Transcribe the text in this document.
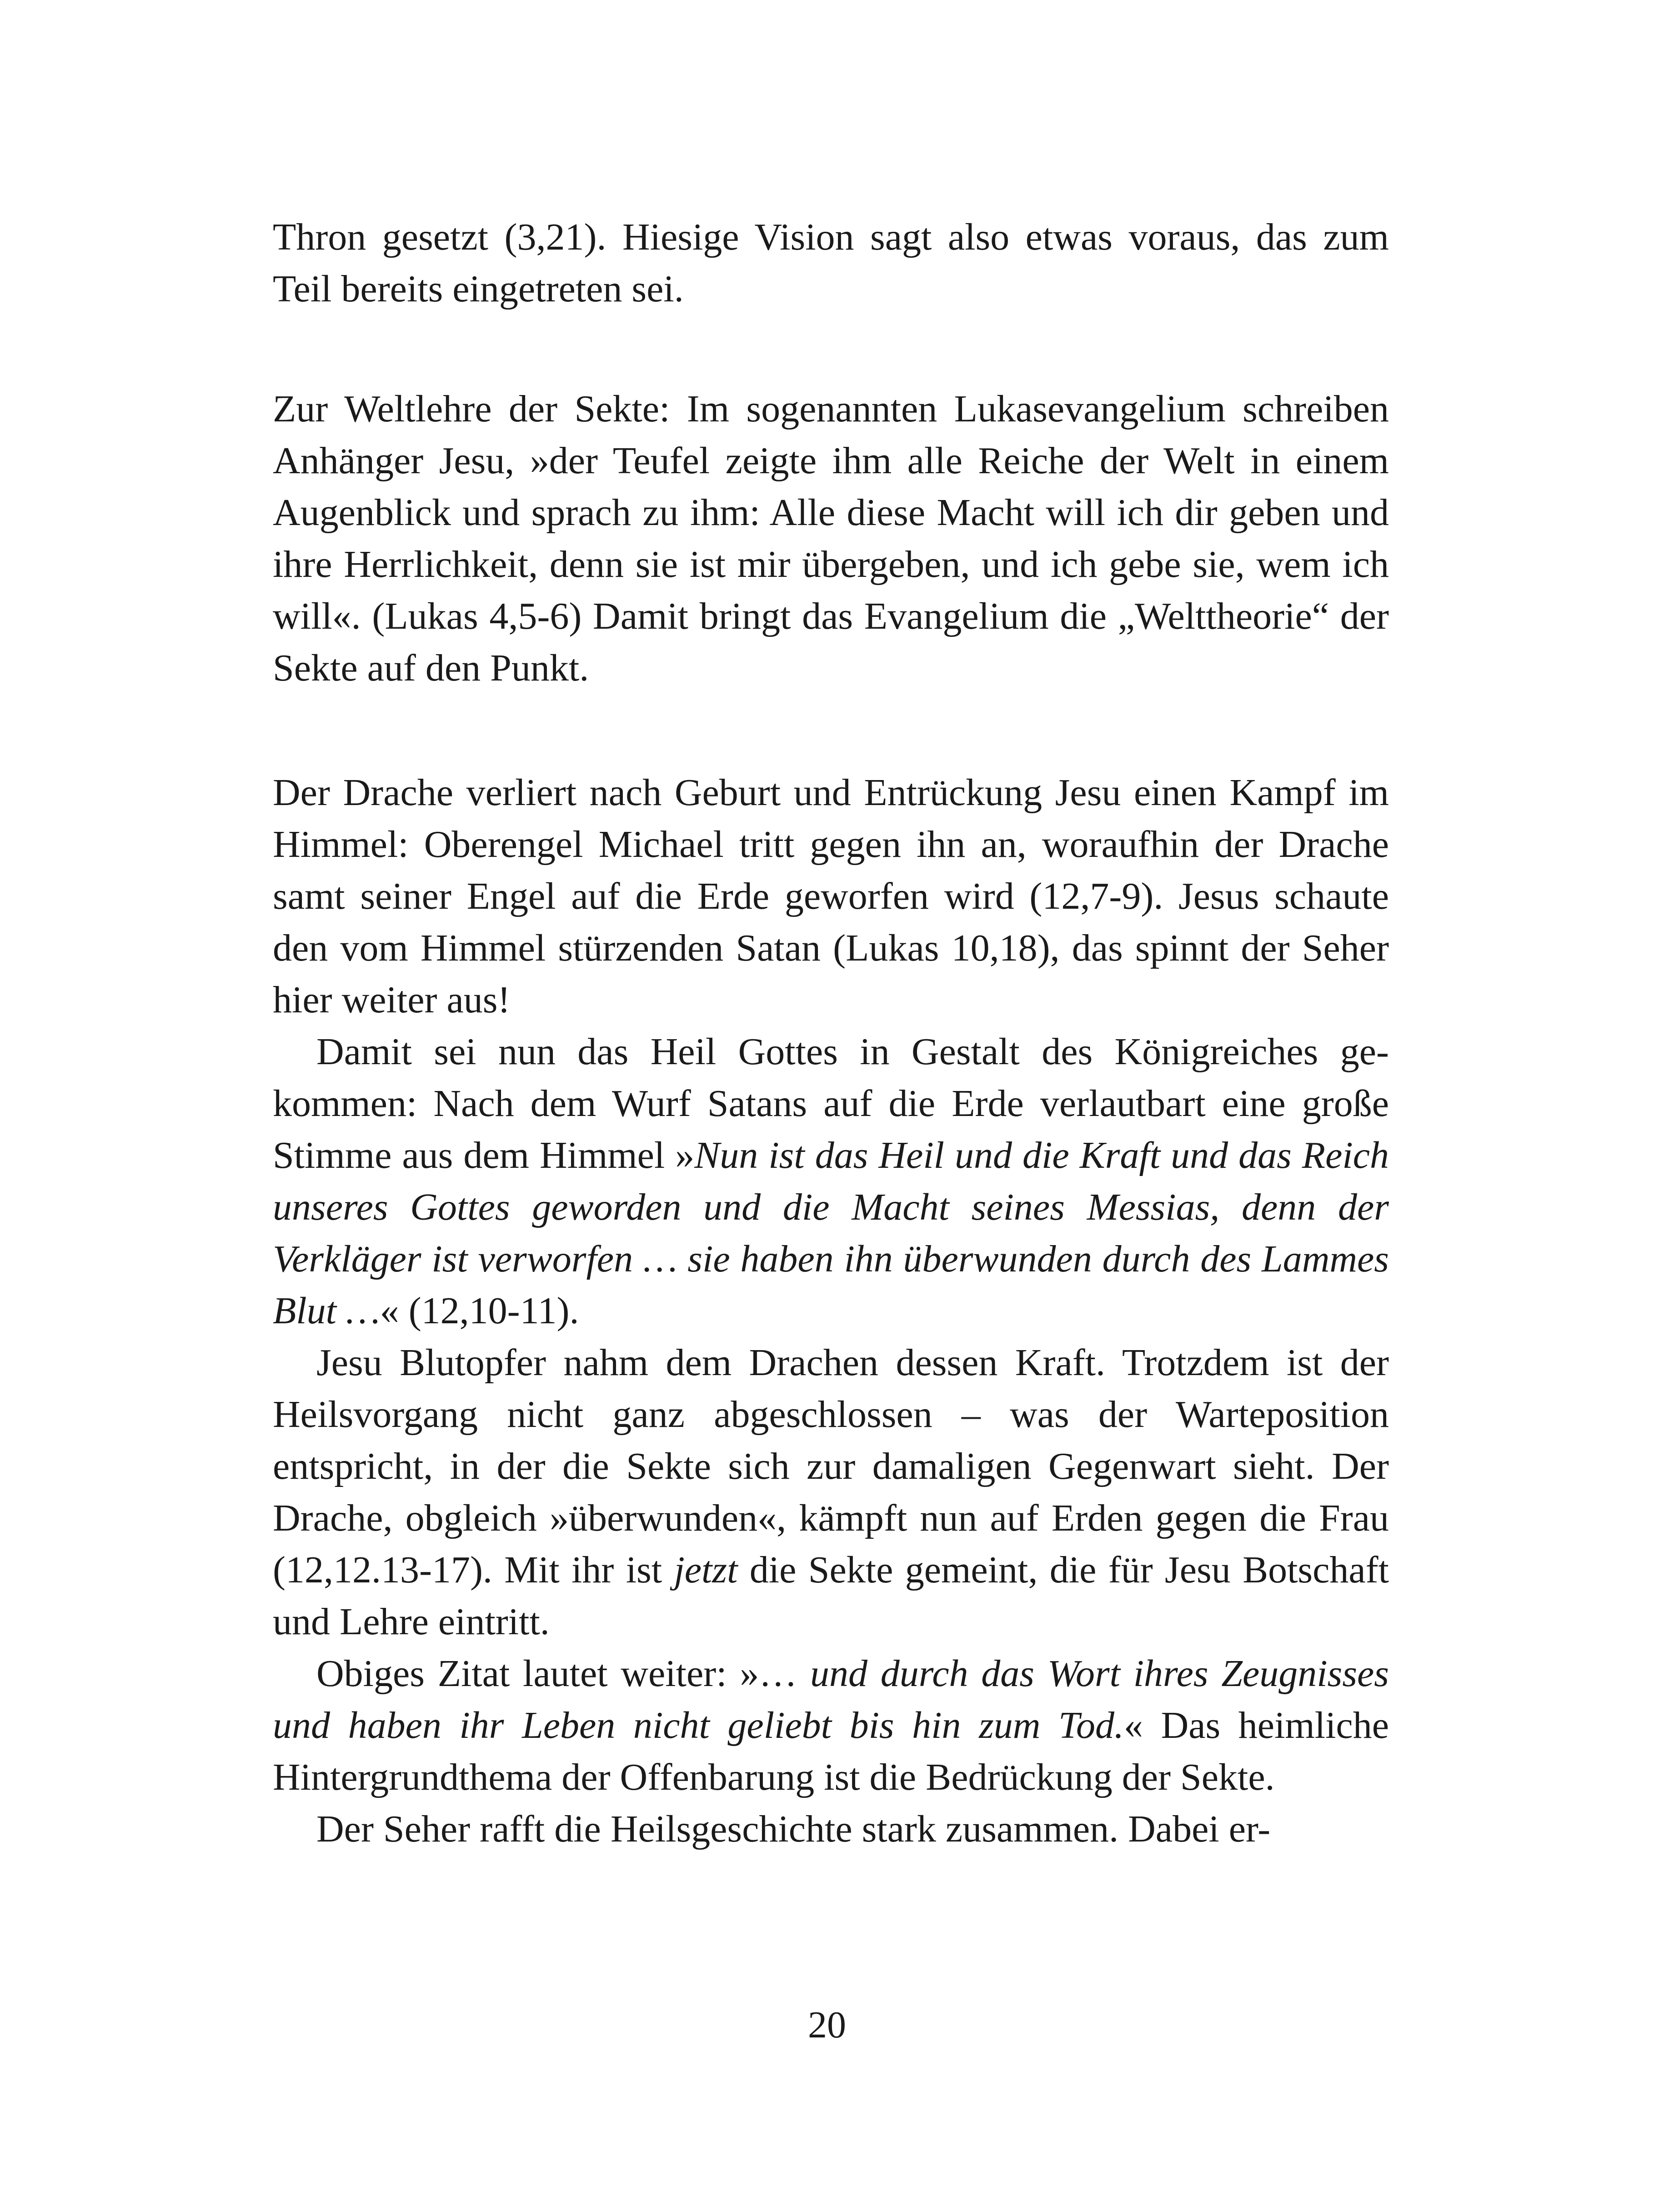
Thron gesetzt (3,21). Hiesige Vision sagt also etwas voraus, das zum Teil bereits eingetreten sei.

Zur Weltlehre der Sekte: Im sogenannten Lukasevangelium schreiben Anhänger Jesu, »der Teufel zeigte ihm alle Reiche der Welt in einem Augenblick und sprach zu ihm: Alle diese Macht will ich dir geben und ihre Herrlichkeit, denn sie ist mir übergeben, und ich gebe sie, wem ich will«. (Lukas 4,5-6) Damit bringt das Evangelium die „Welttheorie“ der Sekte auf den Punkt.

Der Drache verliert nach Geburt und Entrückung Jesu einen Kampf im Himmel: Oberengel Michael tritt gegen ihn an, woraufhin der Drache samt seiner Engel auf die Erde geworfen wird (12,7-9). Jesus schaute den vom Himmel stürzenden Satan (Lukas 10,18), das spinnt der Seher hier weiter aus!

Damit sei nun das Heil Gottes in Gestalt des Königreiches gekommen: Nach dem Wurf Satans auf die Erde verlautbart eine große Stimme aus dem Himmel »Nun ist das Heil und die Kraft und das Reich unseres Gottes geworden und die Macht seines Messias, denn der Verkläger ist verworfen … sie haben ihn überwunden durch des Lammes Blut …« (12,10-11).

Jesu Blutopfer nahm dem Drachen dessen Kraft. Trotzdem ist der Heilsvorgang nicht ganz abgeschlossen – was der Warteposition entspricht, in der die Sekte sich zur damaligen Gegenwart sieht. Der Drache, obgleich »überwunden«, kämpft nun auf Erden gegen die Frau (12,12.13-17). Mit ihr ist jetzt die Sekte gemeint, die für Jesu Botschaft und Lehre eintritt.

Obiges Zitat lautet weiter: »… und durch das Wort ihres Zeugnisses und haben ihr Leben nicht geliebt bis hin zum Tod.« Das heimliche Hintergrundthema der Offenbarung ist die Bedrückung der Sekte.

Der Seher rafft die Heilsgeschichte stark zusammen. Dabei er-

20
